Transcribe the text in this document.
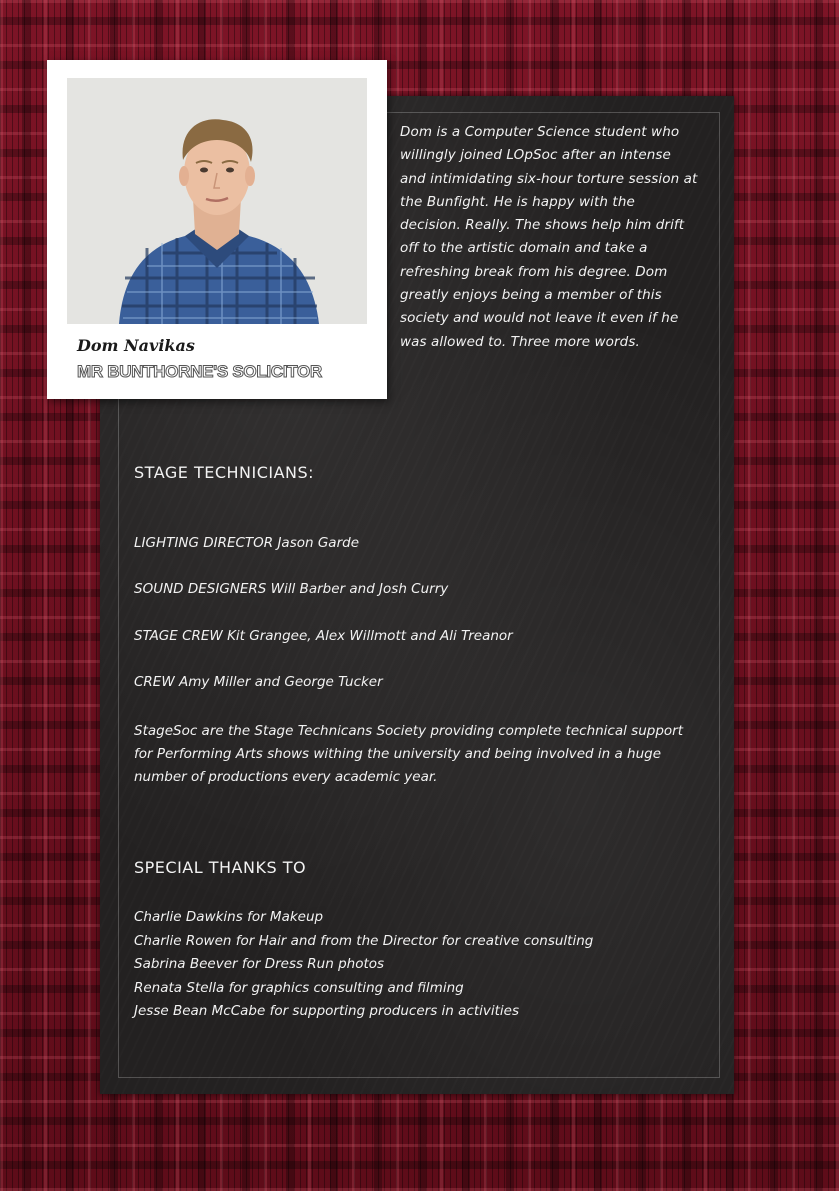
Dom Navikas
MR BUNTHORNE'S SOLICITOR
Dom is a Computer Science student who willingly joined LOpSoc after an intense and intimidating six-hour torture session at the Bunfight. He is happy with the decision. Really. The shows help him drift off to the artistic domain and take a refreshing break from his degree. Dom greatly enjoys being a member of this society and would not leave it even if he was allowed to. Three more words.
STAGE TECHNICIANS:
LIGHTING DIRECTOR Jason Garde
SOUND DESIGNERS Will Barber and Josh Curry
STAGE CREW Kit Grangee, Alex Willmott and Ali Treanor
CREW Amy Miller and George Tucker
StageSoc are the Stage Technicans Society providing complete technical support for Performing Arts shows withing the university and being involved in a huge number of productions every academic year.
SPECIAL THANKS TO
Charlie Dawkins for Makeup
Charlie Rowen for Hair and from the Director for creative consulting
Sabrina Beever for Dress Run photos
Renata Stella for graphics consulting and filming
Jesse Bean McCabe for supporting producers in activities
